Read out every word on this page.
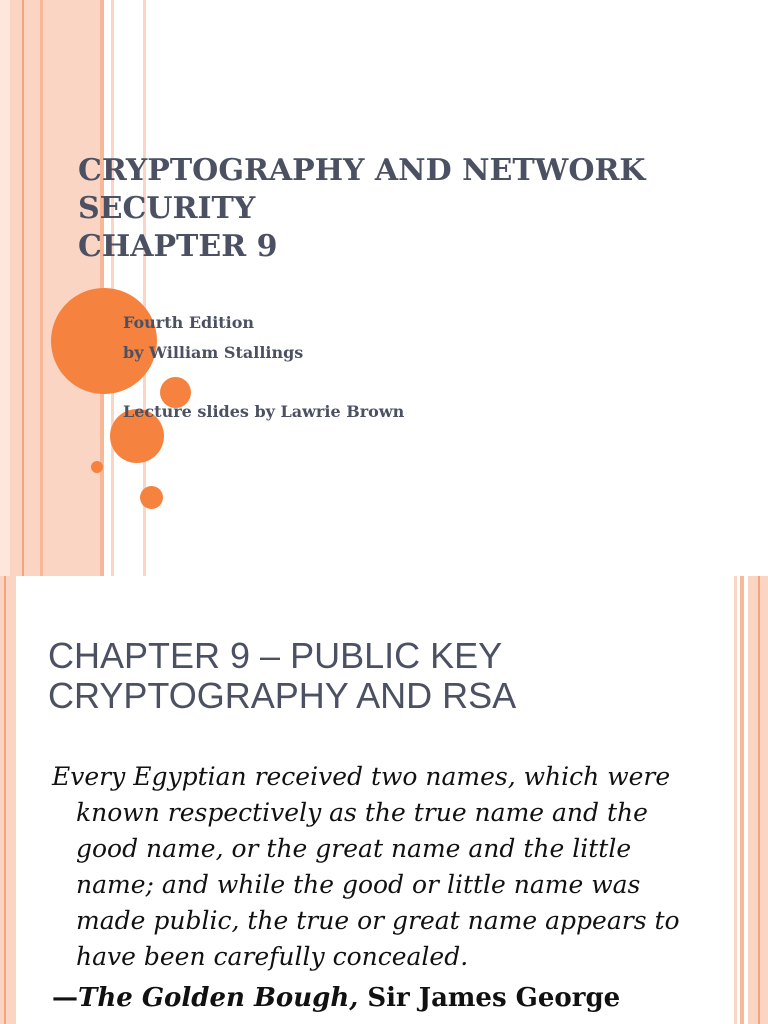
CRYPTOGRAPHY AND NETWORK
SECURITY
CHAPTER 9
Fourth Edition
by William Stallings
Lecture slides by Lawrie Brown
CHAPTER 9 – PUBLIC KEY
CRYPTOGRAPHY AND RSA
Every Egyptian received two names, which were
known respectively as the true name and the
good name, or the great name and the little
name; and while the good or little name was
made public, the true or great name appears to
have been carefully concealed.
—The Golden Bough, Sir James George
